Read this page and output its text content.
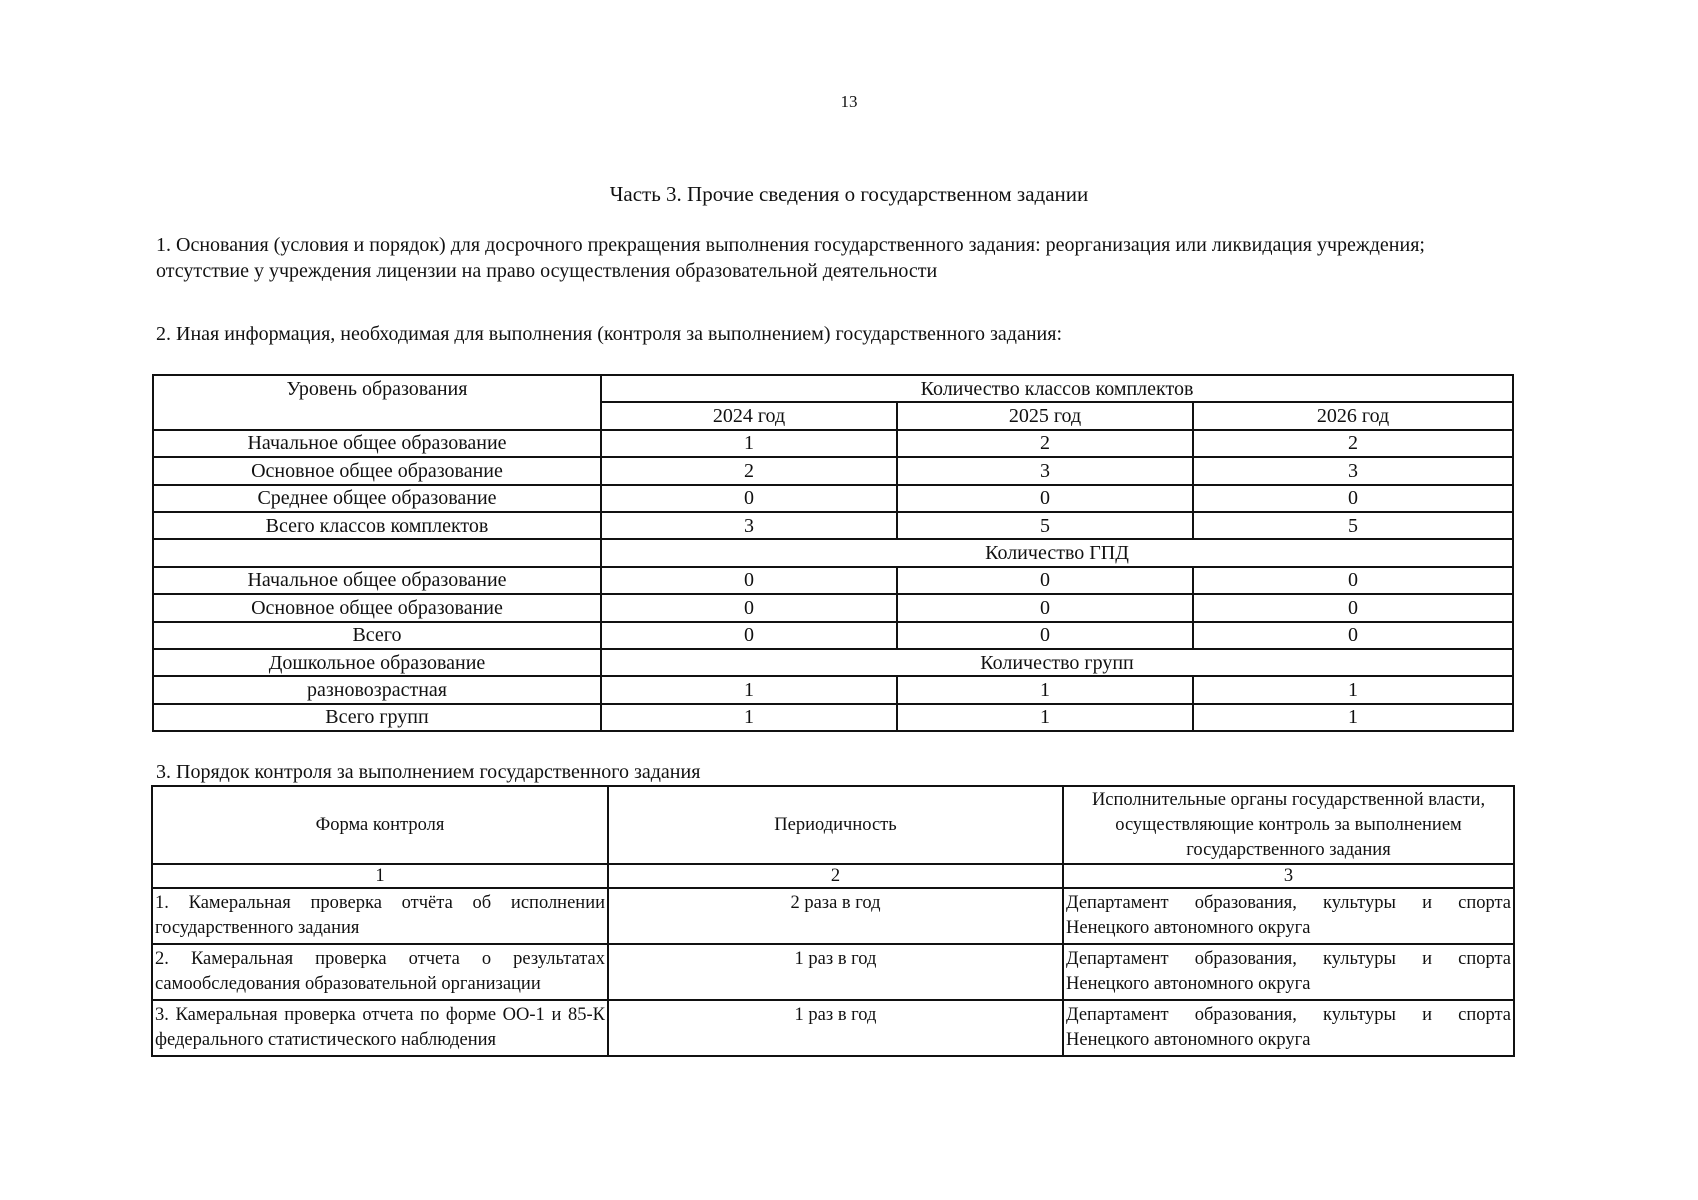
13
Часть 3. Прочие сведения о государственном задании
1. Основания (условия и порядок) для досрочного прекращения выполнения государственного задания: реорганизация или ликвидация учреждения; отсутствие у учреждения лицензии на право осуществления образовательной деятельности
2. Иная информация, необходимая для выполнения (контроля за выполнением) государственного задания:
Уровень образования	Количество классов комплектов		
	2024 год	2025 год	2026 год
Начальное общее образование	1	2	2
Основное общее образование	2	3	3
Среднее общее образование	0	0	0
Всего классов комплектов	3	5	5
	Количество ГПД		
Начальное общее образование	0	0	0
Основное общее образование	0	0	0
Всего	0	0	0
Дошкольное образование	Количество групп		
разновозрастная	1	1	1
Всего групп	1	1	1
3. Порядок контроля за выполнением государственного задания
Форма контроля	Периодичность	Исполнительные органы государственной власти, осуществляющие контроль за выполнением государственного задания
1	2	3
1. Камеральная проверка отчёта об исполнении государственного задания	2 раза в год	Департамент образования, культуры и спорта Ненецкого автономного округа
2. Камеральная проверка отчета о результатах самообследования образовательной организации	1 раз в год	Департамент образования, культуры и спорта Ненецкого автономного округа
3. Камеральная проверка отчета по форме ОО-1 и 85-К федерального статистического наблюдения	1 раз в год	Департамент образования, культуры и спорта Ненецкого автономного округа
